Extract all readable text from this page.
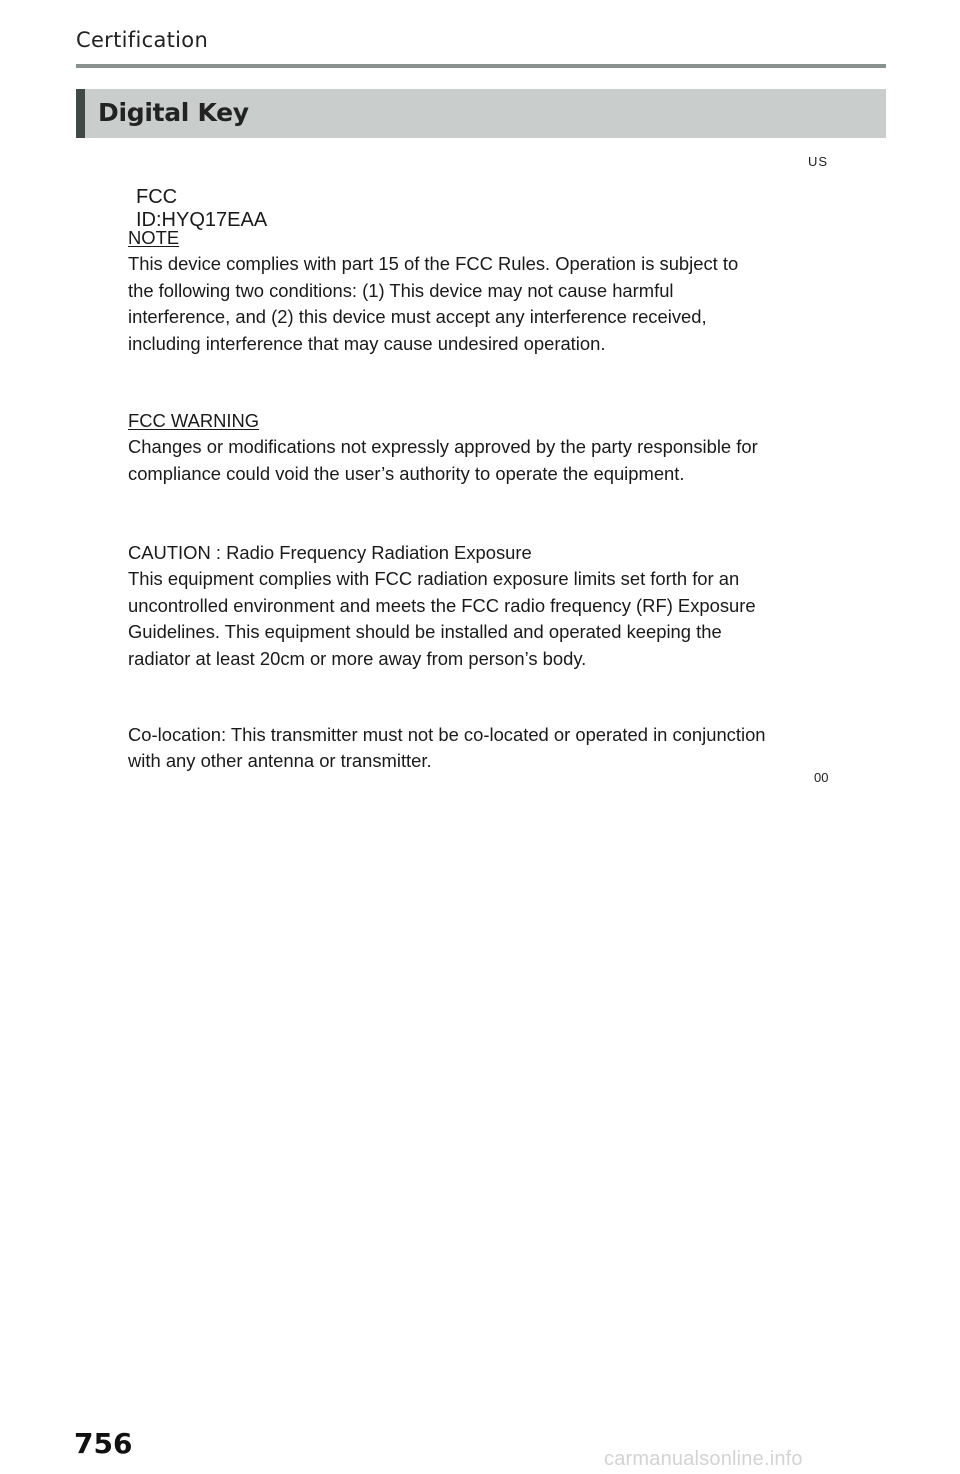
Certification
Digital Key
US
FCC ID:HYQ17EAA
NOTE
This device complies with part 15 of the FCC Rules. Operation is subject to the following two conditions: (1) This device may not cause harmful interference, and (2) this device must accept any interference received, including interference that may cause undesired operation.
FCC WARNING
Changes or modifications not expressly approved by the party responsible for compliance could void the user’s authority to operate the equipment.
CAUTION : Radio Frequency Radiation Exposure
This equipment complies with FCC radiation exposure limits set forth for an uncontrolled environment and meets the FCC radio frequency (RF) Exposure Guidelines. This equipment should be installed and operated keeping the radiator at least 20cm or more away from person’s body.
Co-location: This transmitter must not be co-located or operated in conjunction with any other antenna or transmitter.
00
756	carmanualsonline.info
